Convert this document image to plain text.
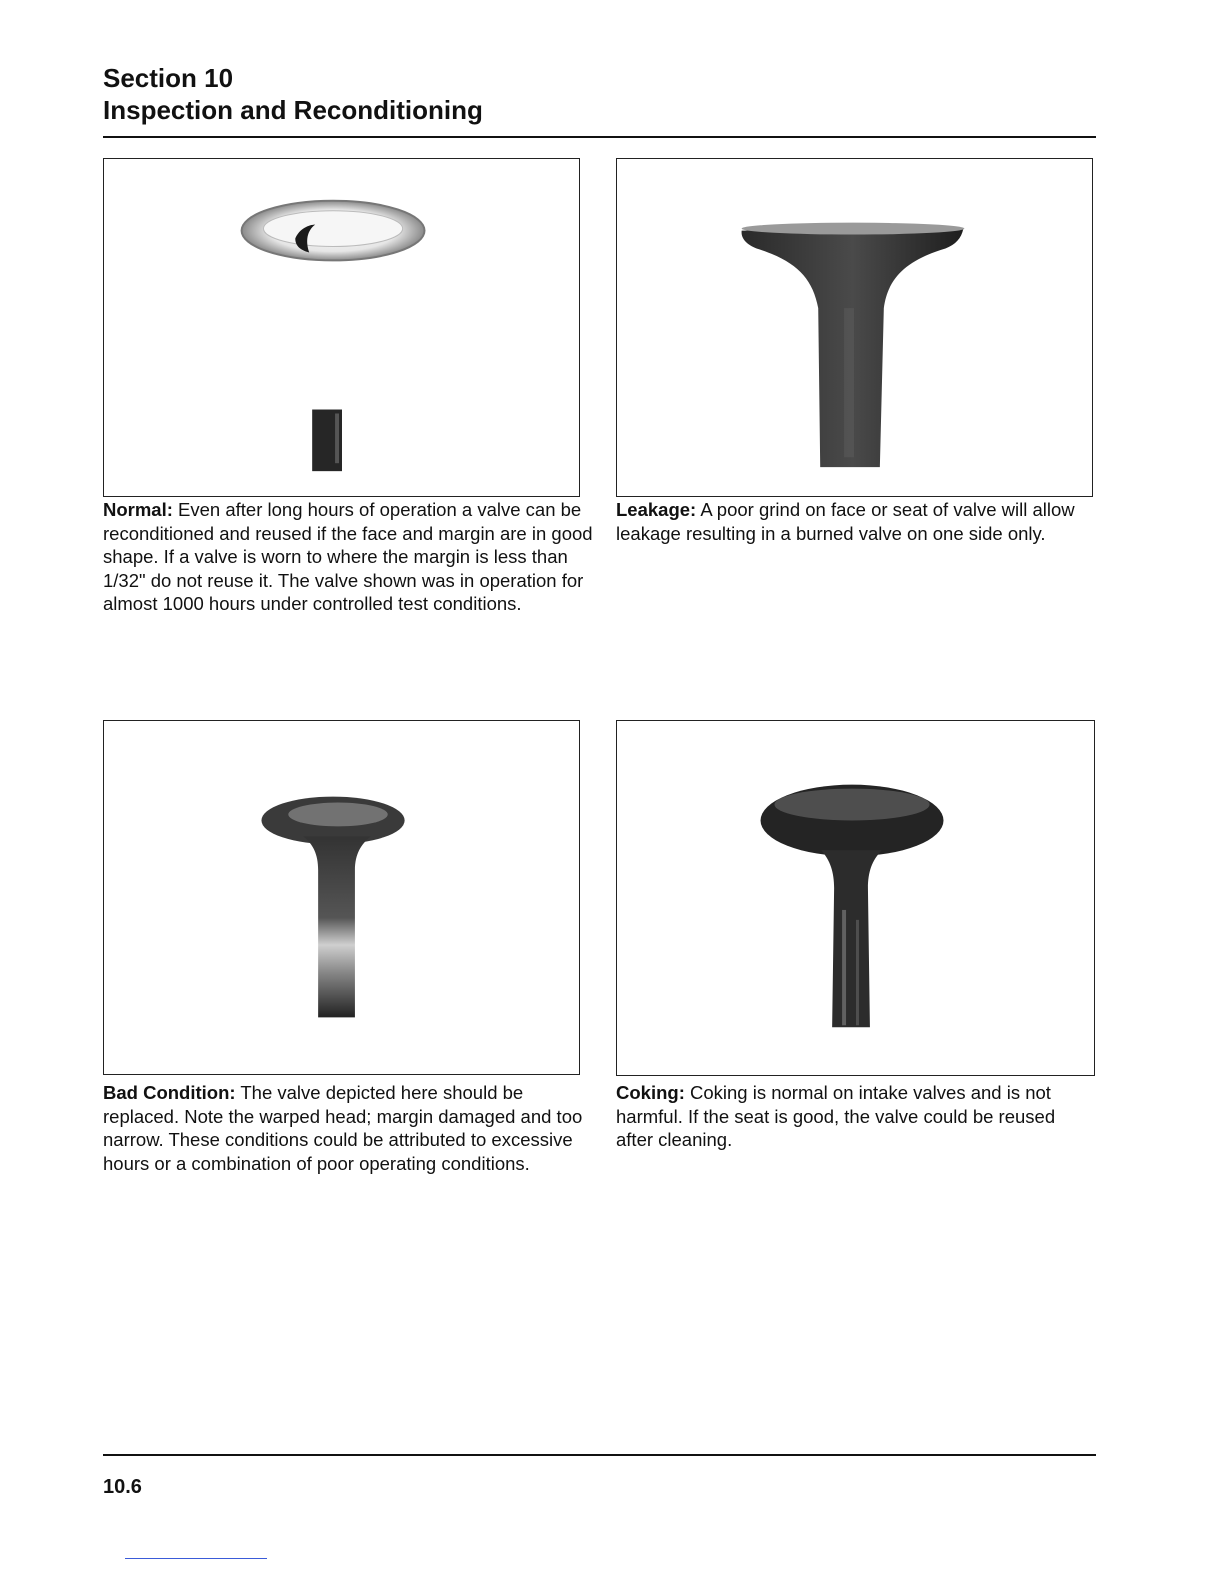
Section 10
Inspection and Reconditioning
Normal: Even after long hours of operation a valve can be reconditioned and reused if the face and margin are in good shape. If a valve is worn to where the margin is less than 1/32" do not reuse it. The valve shown was in operation for almost 1000 hours under controlled test conditions.
Leakage: A poor grind on face or seat of valve will allow leakage resulting in a burned valve on one side only.
Bad Condition: The valve depicted here should be replaced. Note the warped head; margin damaged and too narrow. These conditions could be attributed to excessive hours or a combination of poor operating conditions.
Coking: Coking is normal on intake valves and is not harmful. If the seat is good, the valve could be reused after cleaning.
10.6
